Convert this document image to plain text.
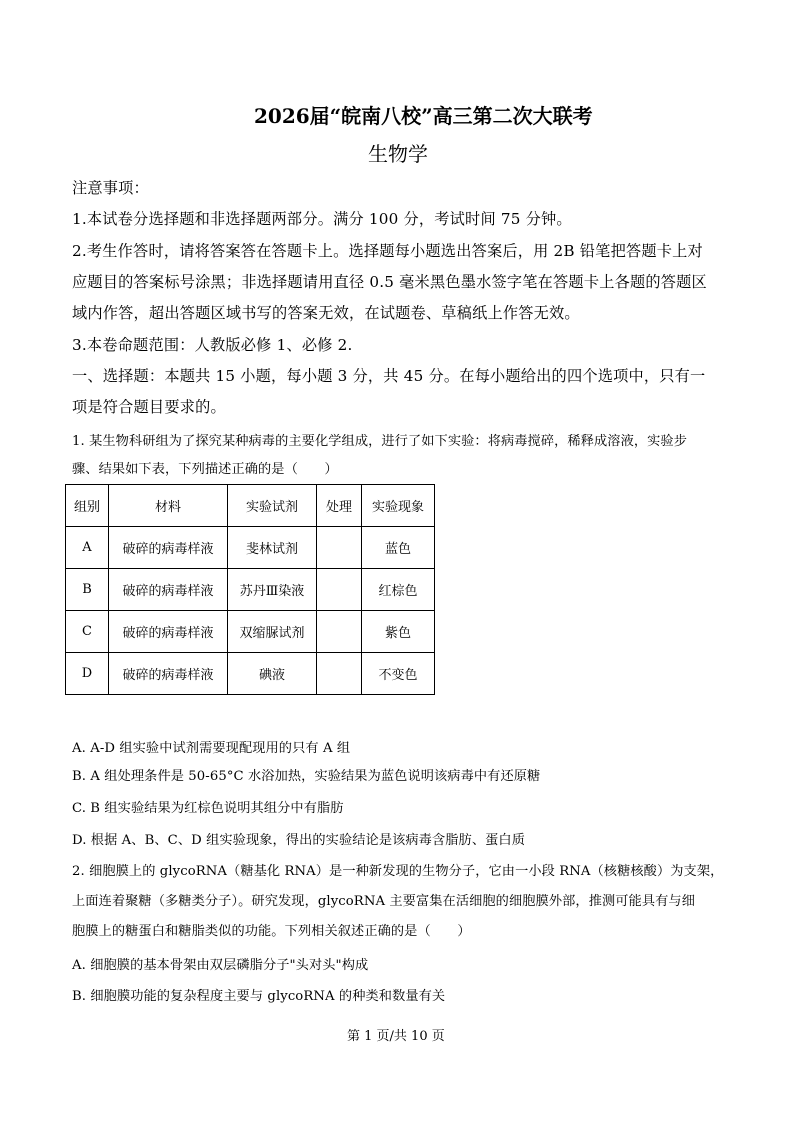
2026届“皖南八校”高三第二次大联考
生物学
注意事项：
1.本试卷分选择题和非选择题两部分。满分 100 分，考试时间 75 分钟。
2.考生作答时，请将答案答在答题卡上。选择题每小题选出答案后，用 2B 铅笔把答题卡上对
应题目的答案标号涂黑；非选择题请用直径 0.5 毫米黑色墨水签字笔在答题卡上各题的答题区
域内作答，超出答题区域书写的答案无效，在试题卷、草稿纸上作答无效。
3.本卷命题范围：人教版必修 1、必修 2.
一、选择题：本题共 15 小题，每小题 3 分，共 45 分。在每小题给出的四个选项中，只有一
项是符合题目要求的。
1. 某生物科研组为了探究某种病毒的主要化学组成，进行了如下实验：将病毒搅碎，稀释成溶液，实验步
骤、结果如下表，下列描述正确的是（　　）
组别	材料	实验试剂	处理	实验现象
A	破碎的病毒样液	斐林试剂		蓝色
B	破碎的病毒样液	苏丹Ⅲ染液		红棕色
C	破碎的病毒样液	双缩脲试剂		紫色
D	破碎的病毒样液	碘液		不变色
A. A-D 组实验中试剂需要现配现用的只有 A 组
B. A 组处理条件是 50-65°C 水浴加热，实验结果为蓝色说明该病毒中有还原糖
C. B 组实验结果为红棕色说明其组分中有脂肪
D. 根据 A、B、C、D 组实验现象，得出的实验结论是该病毒含脂肪、蛋白质
2. 细胞膜上的 glycoRNA（糖基化 RNA）是一种新发现的生物分子，它由一小段 RNA（核糖核酸）为支架，
上面连着聚糖（多糖类分子）。研究发现，glycoRNA 主要富集在活细胞的细胞膜外部，推测可能具有与细
胞膜上的糖蛋白和糖脂类似的功能。下列相关叙述正确的是（　　）
A. 细胞膜的基本骨架由双层磷脂分子"头对头"构成
B. 细胞膜功能的复杂程度主要与 glycoRNA 的种类和数量有关
第 1 页/共 10 页
